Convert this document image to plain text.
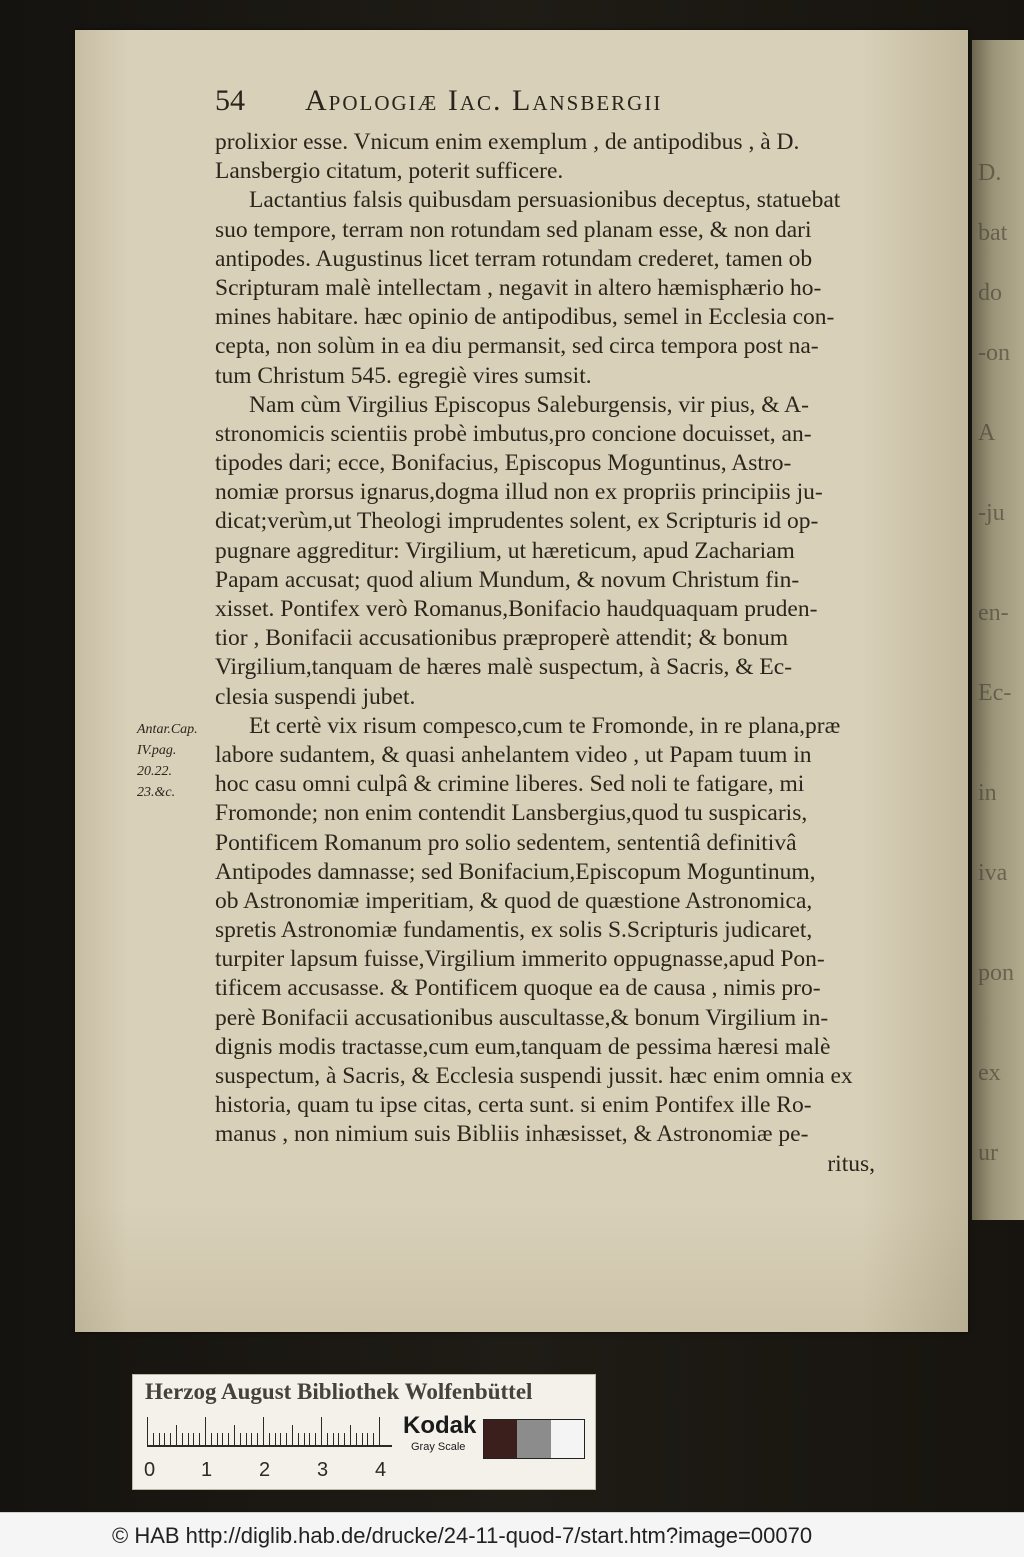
D.
bat
do
-on
A
-ju
en-
Ec-
in
iva
pon
ex
ur
54 Apologiæ Iac. Lansbergii
Antar.Cap.
IV.pag.
20.22.
23.&c.
prolixior esse. Vnicum enim exemplum , de antipodibus , à D.
Lansbergio citatum, poterit sufficere.
Lactantius falsis quibusdam persuasionibus deceptus, statuebat
suo tempore, terram non rotundam sed planam esse, & non dari
antipodes. Augustinus licet terram rotundam crederet, tamen ob
Scripturam malè intellectam , negavit in altero hæmisphærio ho-
mines habitare. hæc opinio de antipodibus, semel in Ecclesia con-
cepta, non solùm in ea diu permansit, sed circa tempora post na-
tum Christum 545. egregiè vires sumsit.
Nam cùm Virgilius Episcopus Saleburgensis, vir pius, & A-
stronomicis scientiis probè imbutus,pro concione docuisset, an-
tipodes dari; ecce, Bonifacius, Episcopus Moguntinus, Astro-
nomiæ prorsus ignarus,dogma illud non ex propriis principiis ju-
dicat;verùm,ut Theologi imprudentes solent, ex Scripturis id op-
pugnare aggreditur: Virgilium, ut hæreticum, apud Zachariam
Papam accusat; quod alium Mundum, & novum Christum fin-
xisset. Pontifex verò Romanus,Bonifacio haudquaquam pruden-
tior , Bonifacii accusationibus præproperè attendit; & bonum
Virgilium,tanquam de hæres malè suspectum, à Sacris, & Ec-
clesia suspendi jubet.
Et certè vix risum compesco,cum te Fromonde, in re plana,præ
labore sudantem, & quasi anhelantem video , ut Papam tuum in
hoc casu omni culpâ & crimine liberes. Sed noli te fatigare, mi
Fromonde; non enim contendit Lansbergius,quod tu suspicaris,
Pontificem Romanum pro solio sedentem, sententiâ definitivâ
Antipodes damnasse; sed Bonifacium,Episcopum Moguntinum,
ob Astronomiæ imperitiam, & quod de quæstione Astronomica,
spretis Astronomiæ fundamentis, ex solis S.Scripturis judicaret,
turpiter lapsum fuisse,Virgilium immerito oppugnasse,apud Pon-
tificem accusasse. & Pontificem quoque ea de causa , nimis pro-
perè Bonifacii accusationibus auscultasse,& bonum Virgilium in-
dignis modis tractasse,cum eum,tanquam de pessima hæresi malè
suspectum, à Sacris, & Ecclesia suspendi jussit. hæc enim omnia ex
historia, quam tu ipse citas, certa sunt. si enim Pontifex ille Ro-
manus , non nimium suis Bibliis inhæsisset, & Astronomiæ pe-
ritus,
Herzog August Bibliothek Wolfenbüttel
0 1 2 3 4
Kodak
Gray Scale
© HAB http://diglib.hab.de/drucke/24-11-quod-7/start.htm?image=00070
